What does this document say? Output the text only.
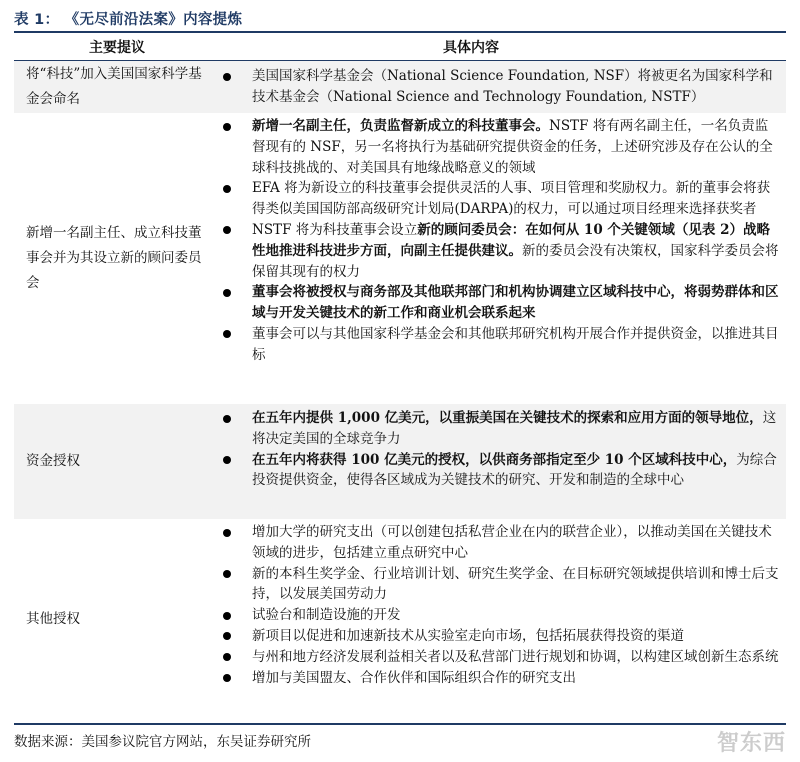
表 1： 《无尽前沿法案》内容提炼
主要提议	具体内容
将“科技”加入美国国家科学基金会命名
美国国家科学基金会（National Science Foundation, NSF）将被更名为国家科学和技术基金会（National Science and Technology Foundation, NSTF）
新增一名副主任、成立科技董事会并为其设立新的顾问委员会
新增一名副主任，负责监督新成立的科技董事会。NSTF 将有两名副主任，一名负责监督现有的 NSF，另一名将执行为基础研究提供资金的任务，上述研究涉及存在公认的全球科技挑战的、对美国具有地缘战略意义的领域
EFA 将为新设立的科技董事会提供灵活的人事、项目管理和奖励权力。新的董事会将获得类似美国国防部高级研究计划局(DARPA)的权力，可以通过项目经理来选择获奖者
NSTF 将为科技董事会设立新的顾问委员会：在如何从 10 个关键领域（见表 2）战略性地推进科技进步方面，向副主任提供建议。新的委员会没有决策权，国家科学委员会将保留其现有的权力
董事会将被授权与商务部及其他联邦部门和机构协调建立区域科技中心，将弱势群体和区域与开发关键技术的新工作和商业机会联系起来
董事会可以与其他国家科学基金会和其他联邦研究机构开展合作并提供资金，以推进其目标
资金授权
在五年内提供 1,000 亿美元，以重振美国在关键技术的探索和应用方面的领导地位，这将决定美国的全球竞争力
在五年内将获得 100 亿美元的授权，以供商务部指定至少 10 个区域科技中心，为综合投资提供资金，使得各区域成为关键技术的研究、开发和制造的全球中心
其他授权
增加大学的研究支出（可以创建包括私营企业在内的联营企业），以推动美国在关键技术领域的进步，包括建立重点研究中心
新的本科生奖学金、行业培训计划、研究生奖学金、在目标研究领域提供培训和博士后支持，以发展美国劳动力
试验台和制造设施的开发
新项目以促进和加速新技术从实验室走向市场，包括拓展获得投资的渠道
与州和地方经济发展利益相关者以及私营部门进行规划和协调，以构建区域创新生态系统
增加与美国盟友、合作伙伴和国际组织合作的研究支出
数据来源：美国参议院官方网站，东吴证券研究所	智东西
